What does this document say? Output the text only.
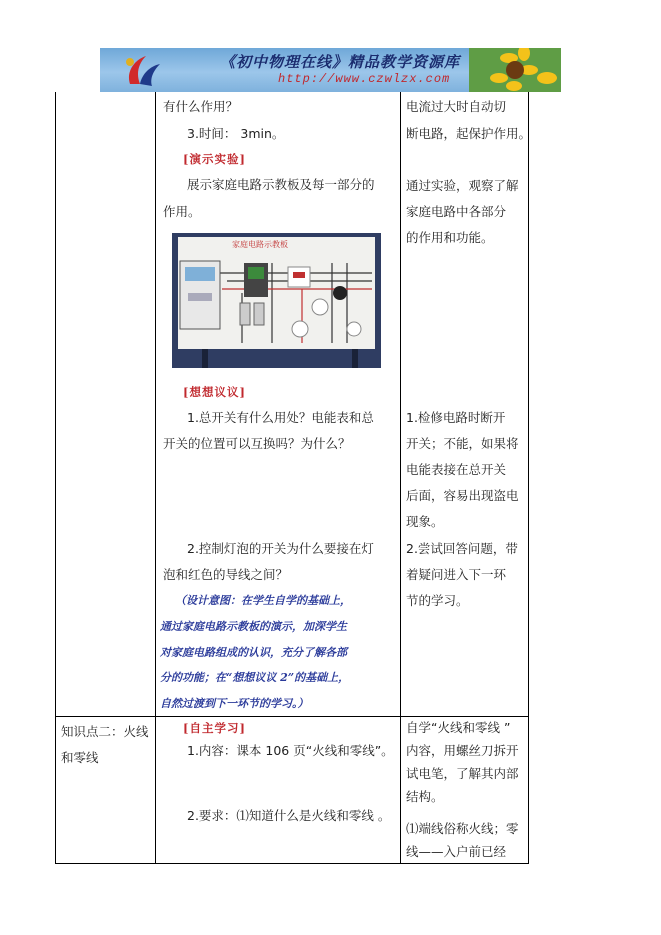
《初中物理在线》精品教学资源库
http://www.czwlzx.com
有什么作用？
3.时间： 3min。
[演示实验]
展示家庭电路示教板及每一部分的
作用。
家庭电路示教板
[想想议议]
1.总开关有什么用处？电能表和总
开关的位置可以互换吗？为什么？
2.控制灯泡的开关为什么要接在灯
泡和红色的导线之间？
（设计意图：在学生自学的基础上，
通过家庭电路示教板的演示，加深学生
对家庭电路组成的认识，充分了解各部
分的功能；在“想想议议 2”的基础上，
自然过渡到下一环节的学习。）
电流过大时自动切
断电路，起保护作用。
通过实验，观察了解
家庭电路中各部分
的作用和功能。
1.检修电路时断开
开关；不能，如果将
电能表接在总开关
后面，容易出现盗电
现象。
2.尝试回答问题，带
着疑问进入下一环
节的学习。
知识点二：火线
和零线
[自主学习]
1.内容：课本 106 页“火线和零线”。
2.要求：⑴知道什么是火线和零线 。
自学“火线和零线 ”
内容，用螺丝刀拆开
试电笔，了解其内部
结构。
⑴端线俗称火线；零
线——入户前已经
